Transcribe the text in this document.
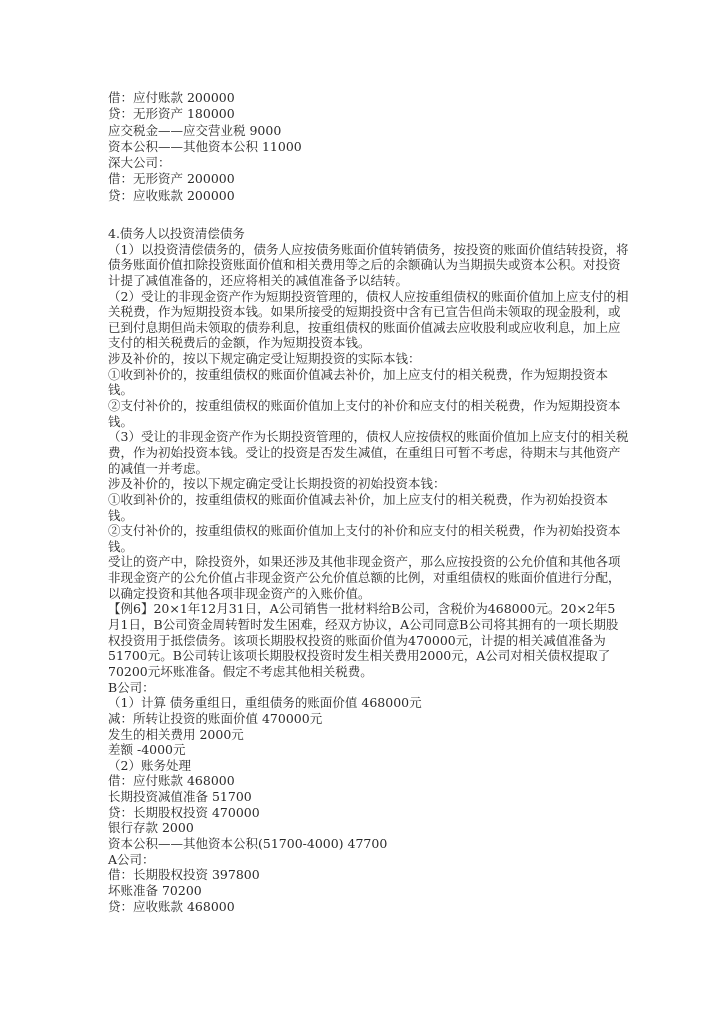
借：应付账款 200000
贷：无形资产 180000
应交税金——应交营业税 9000
资本公积——其他资本公积 11000
深大公司：
借：无形资产 200000
贷：应收账款 200000
4.债务人以投资清偿债务
（1）以投资清偿债务的，债务人应按债务账面价值转销债务，按投资的账面价值结转投资，将
债务账面价值扣除投资账面价值和相关费用等之后的余额确认为当期损失或资本公积。对投资
计提了减值准备的，还应将相关的减值准备予以结转。
（2）受让的非现金资产作为短期投资管理的，债权人应按重组债权的账面价值加上应支付的相
关税费，作为短期投资本钱。如果所接受的短期投资中含有已宣告但尚未领取的现金股利，或
已到付息期但尚未领取的债券利息，按重组债权的账面价值减去应收股利或应收利息，加上应
支付的相关税费后的金额，作为短期投资本钱。
涉及补价的，按以下规定确定受让短期投资的实际本钱：
①收到补价的，按重组债权的账面价值减去补价，加上应支付的相关税费，作为短期投资本
钱。
②支付补价的，按重组债权的账面价值加上支付的补价和应支付的相关税费，作为短期投资本
钱。
（3）受让的非现金资产作为长期投资管理的，债权人应按债权的账面价值加上应支付的相关税
费，作为初始投资本钱。受让的投资是否发生减值，在重组日可暂不考虑，待期末与其他资产
的减值一并考虑。
涉及补价的，按以下规定确定受让长期投资的初始投资本钱：
①收到补价的，按重组债权的账面价值减去补价，加上应支付的相关税费，作为初始投资本
钱。
②支付补价的，按重组债权的账面价值加上支付的补价和应支付的相关税费，作为初始投资本
钱。
受让的资产中，除投资外，如果还涉及其他非现金资产，那么应按投资的公允价值和其他各项
非现金资产的公允价值占非现金资产公允价值总额的比例，对重组债权的账面价值进行分配，
以确定投资和其他各项非现金资产的入账价值。
【例6】20×1年12月31日，A公司销售一批材料给B公司，含税价为468000元。20×2年5
月1日，B公司资金周转暂时发生困难，经双方协议，A公司同意B公司将其拥有的一项长期股
权投资用于抵偿债务。该项长期股权投资的账面价值为470000元，计提的相关减值准备为
51700元。B公司转让该项长期股权投资时发生相关费用2000元，A公司对相关债权提取了
70200元坏账准备。假定不考虑其他相关税费。
B公司：
（1）计算 债务重组日，重组债务的账面价值 468000元
减：所转让投资的账面价值 470000元
发生的相关费用 2000元
差额 -4000元
（2）账务处理
借：应付账款 468000
长期投资减值准备 51700
贷：长期股权投资 470000
银行存款 2000
资本公积——其他资本公积(51700-4000) 47700
A公司：
借：长期股权投资 397800
坏账准备 70200
贷：应收账款 468000
